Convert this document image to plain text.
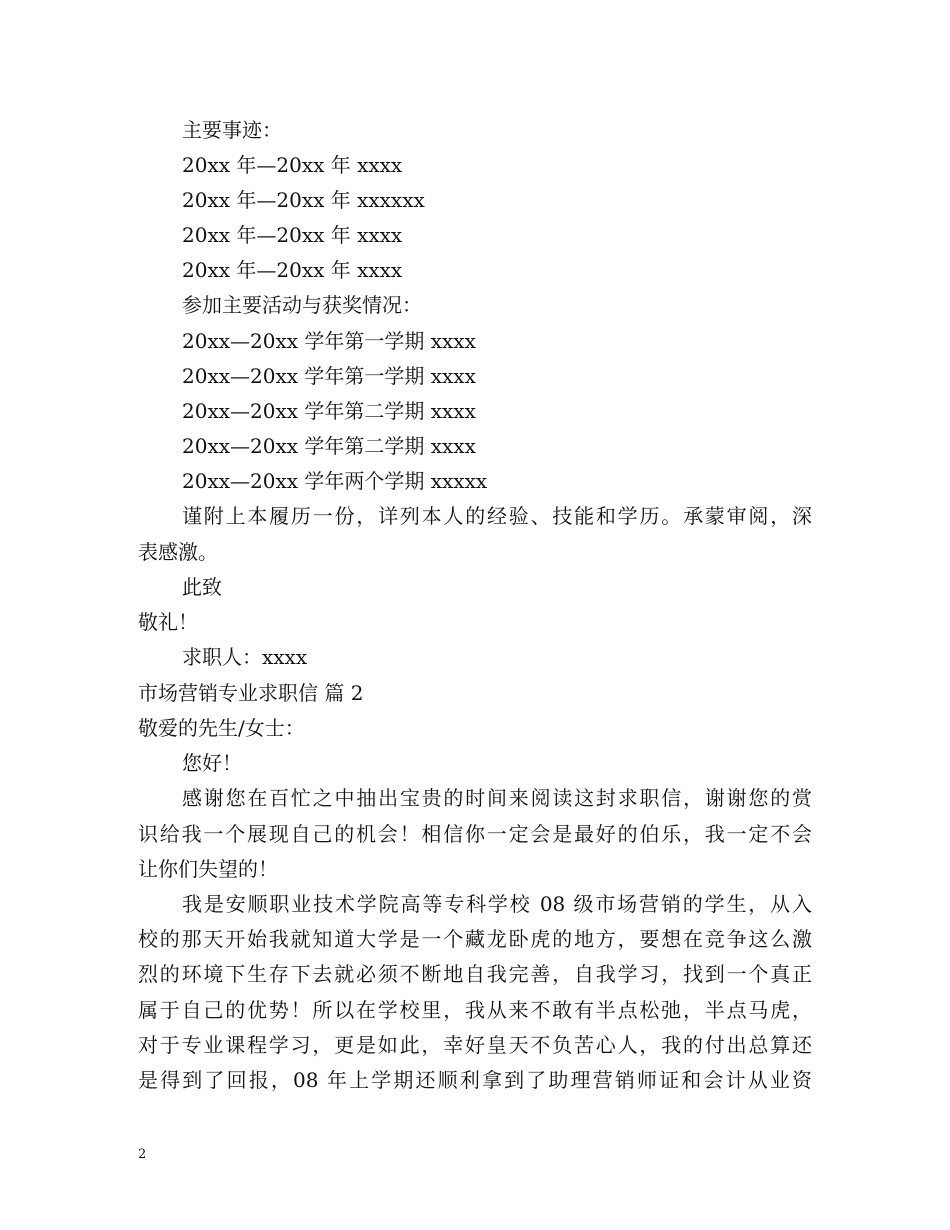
主要事迹：
20xx 年—20xx 年 xxxx
20xx 年—20xx 年 xxxxxx
20xx 年—20xx 年 xxxx
20xx 年—20xx 年 xxxx
参加主要活动与获奖情况：
20xx—20xx 学年第一学期 xxxx
20xx—20xx 学年第一学期 xxxx
20xx—20xx 学年第二学期 xxxx
20xx—20xx 学年第二学期 xxxx
20xx—20xx 学年两个学期 xxxxx
谨附上本履历一份，详列本人的经验、技能和学历。承蒙审阅，深
表感激。
此致
敬礼！
求职人：xxxx
市场营销专业求职信 篇 2
敬爱的先生/女士：
您好！
感谢您在百忙之中抽出宝贵的时间来阅读这封求职信，谢谢您的赏
识给我一个展现自己的机会！相信你一定会是最好的伯乐，我一定不会
让你们失望的！
我是安顺职业技术学院高等专科学校 08 级市场营销的学生，从入
校的那天开始我就知道大学是一个藏龙卧虎的地方，要想在竞争这么激
烈的环境下生存下去就必须不断地自我完善，自我学习，找到一个真正
属于自己的优势！所以在学校里，我从来不敢有半点松弛，半点马虎，
对于专业课程学习，更是如此，幸好皇天不负苦心人，我的付出总算还
是得到了回报，08 年上学期还顺利拿到了助理营销师证和会计从业资
2
